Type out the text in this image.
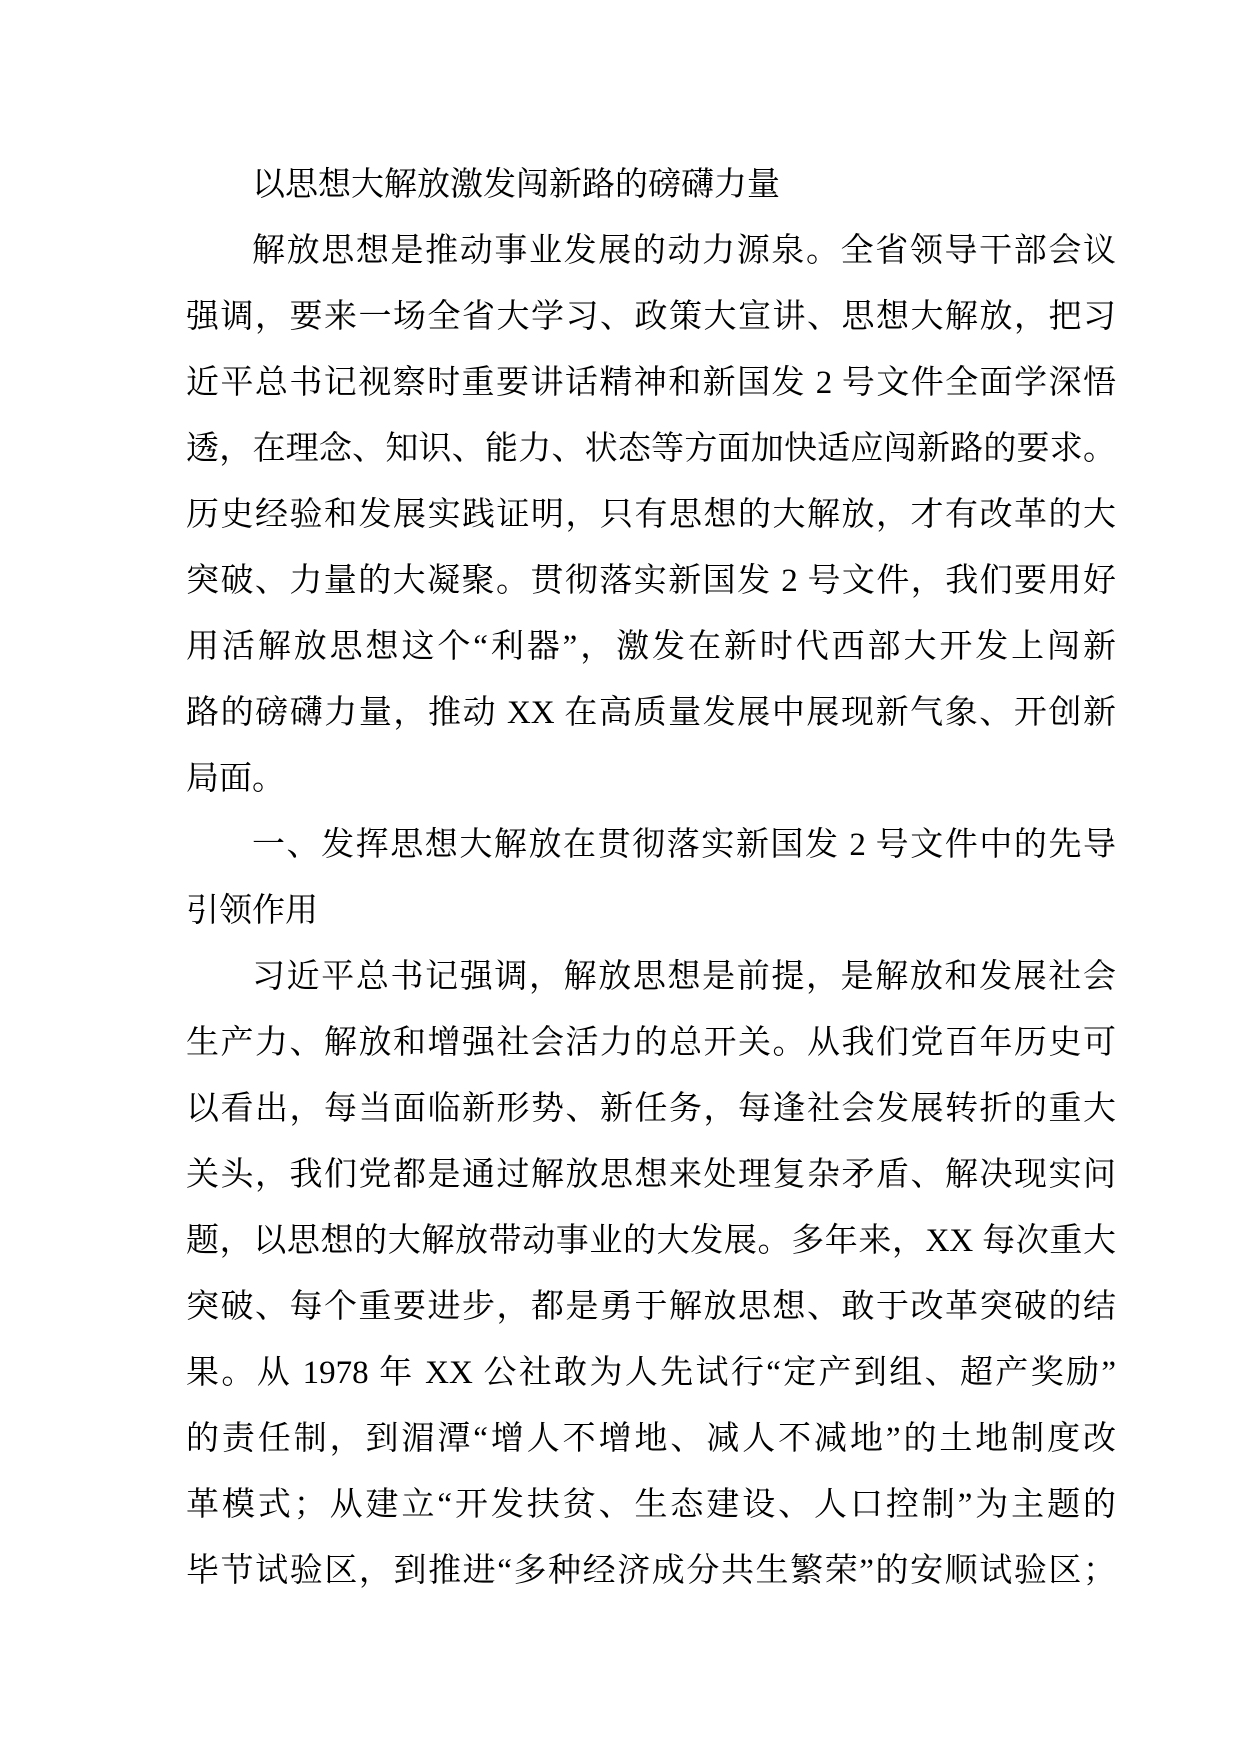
以思想大解放激发闯新路的磅礴力量
解放思想是推动事业发展的动力源泉。全省领导干部会议
强调，要来一场全省大学习、政策大宣讲、思想大解放，把习
近平总书记视察时重要讲话精神和新国发 2 号文件全面学深悟
透，在理念、知识、能力、状态等方面加快适应闯新路的要求。
历史经验和发展实践证明，只有思想的大解放，才有改革的大
突破、力量的大凝聚。贯彻落实新国发 2 号文件，我们要用好
用活解放思想这个“利器”，激发在新时代西部大开发上闯新
路的磅礴力量，推动 XX 在高质量发展中展现新气象、开创新
局面。
一、发挥思想大解放在贯彻落实新国发 2 号文件中的先导
引领作用
习近平总书记强调，解放思想是前提，是解放和发展社会
生产力、解放和增强社会活力的总开关。从我们党百年历史可
以看出，每当面临新形势、新任务，每逢社会发展转折的重大
关头，我们党都是通过解放思想来处理复杂矛盾、解决现实问
题，以思想的大解放带动事业的大发展。多年来，XX 每次重大
突破、每个重要进步，都是勇于解放思想、敢于改革突破的结
果。从 1978 年 XX 公社敢为人先试行“定产到组、超产奖励”
的责任制，到湄潭“增人不增地、减人不减地”的土地制度改
革模式；从建立“开发扶贫、生态建设、人口控制”为主题的
毕节试验区，到推进“多种经济成分共生繁荣”的安顺试验区；
